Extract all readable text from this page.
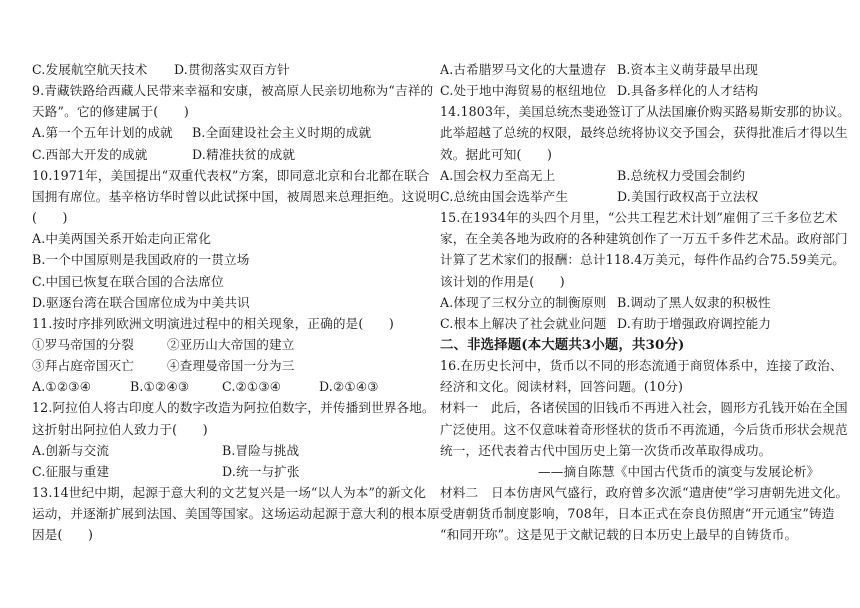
C.发展航空航天技术 D.贯彻落实双百方针
9.青藏铁路给西藏人民带来幸福和安康，被高原人民亲切地称为“吉祥的
天路”。它的修建属于(　　)
A.第一个五年计划的成就 B.全面建设社会主义时期的成就
C.西部大开发的成就	D.精准扶贫的成就
10.1971年，美国提出“双重代表权”方案，即同意北京和台北都在联合
国拥有席位。基辛格访华时曾以此试探中国，被周恩来总理拒绝。这说明
(　　)
A.中美两国关系开始走向正常化
B.一个中国原则是我国政府的一贯立场
C.中国已恢复在联合国的合法席位
D.驱逐台湾在联合国席位成为中美共识
11.按时序排列欧洲文明演进过程中的相关现象，正确的是(　　)
①罗马帝国的分裂	②亚历山大帝国的建立
③拜占庭帝国灭亡	④查理曼帝国一分为三
A.①②③④	B.①②④③	C.②①③④	D.②①④③
12.阿拉伯人将古印度人的数字改造为阿拉伯数字，并传播到世界各地。
这折射出阿拉伯人致力于(　　)
A.创新与交流	B.冒险与挑战
C.征服与重建	D.统一与扩张
13.14世纪中期，起源于意大利的文艺复兴是一场“以人为本”的新文化
运动，并逐渐扩展到法国、美国等国家。这场运动起源于意大利的根本原
因是(　　)
A.古希腊罗马文化的大量遗存 B.资本主义萌芽最早出现
C.处于地中海贸易的枢纽地位 D.具备多样化的人才结构
14.1803年，美国总统杰斐逊签订了从法国廉价购买路易斯安那的协议。
此举超越了总统的权限，最终总统将协议交予国会，获得批准后才得以生
效。据此可知(　　)
A.国会权力至高无上	B.总统权力受国会制约
C.总统由国会选举产生	D.美国行政权高于立法权
15.在1934年的头四个月里，“公共工程艺术计划”雇佣了三千多位艺术
家，在全美各地为政府的各种建筑创作了一万五千多件艺术品。政府部门
计算了艺术家们的报酬：总计118.4万美元，每件作品约合75.59美元。
该计划的作用是(　　)
A.体现了三权分立的制衡原则 B.调动了黑人奴隶的积极性
C.根本上解决了社会就业问题 D.有助于增强政府调控能力
二、非选择题(本大题共3小题，共30分)
16.在历史长河中，货币以不同的形态流通于商贸体系中，连接了政治、
经济和文化。阅读材料，回答问题。(10分)
材料一　此后，各诸侯国的旧钱币不再进入社会，圆形方孔钱开始在全国
广泛使用。这不仅意味着奇形怪状的货币不再流通，今后货币形状会规范
统一，还代表着古代中国历史上第一次货币改革取得成功。
——摘自陈慧《中国古代货币的演变与发展论析》
材料二　日本仿唐风气盛行，政府曾多次派“遣唐使”学习唐朝先进文化。
受唐朝货币制度影响，708年，日本正式在奈良仿照唐“开元通宝”铸造
“和同开珎”。这是见于文献记载的日本历史上最早的自铸货币。
